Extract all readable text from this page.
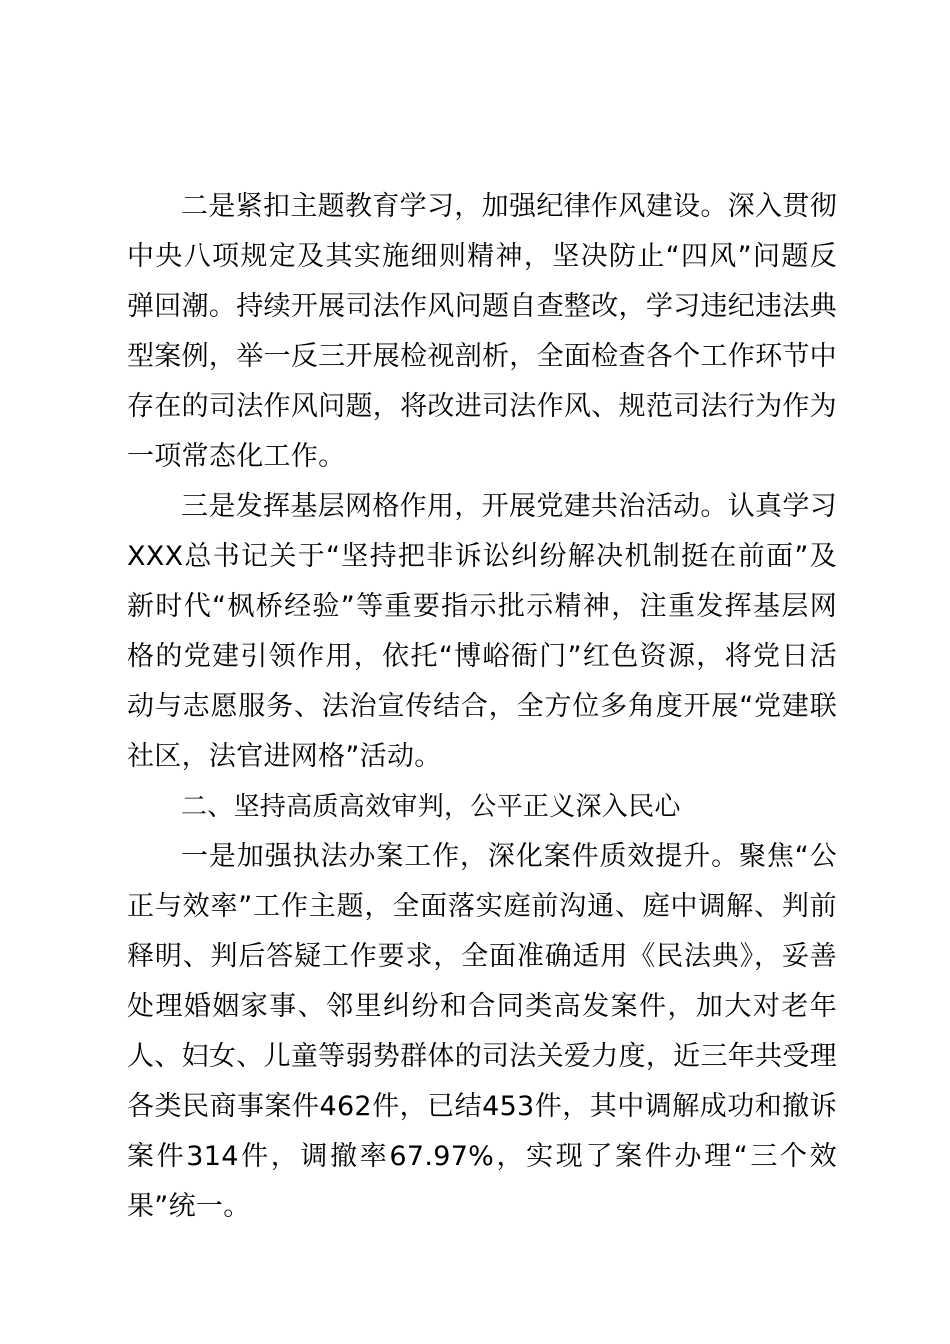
二是紧扣主题教育学习，加强纪律作风建设。深入贯彻中央八项规定及其实施细则精神，坚决防止“四风”问题反弹回潮。持续开展司法作风问题自查整改，学习违纪违法典型案例，举一反三开展检视剖析，全面检查各个工作环节中存在的司法作风问题，将改进司法作风、规范司法行为作为一项常态化工作。

三是发挥基层网格作用，开展党建共治活动。认真学习XXX总书记关于“坚持把非诉讼纠纷解决机制挺在前面”及新时代“枫桥经验”等重要指示批示精神，注重发挥基层网格的党建引领作用，依托“博峪衙门”红色资源，将党日活动与志愿服务、法治宣传结合，全方位多角度开展“党建联社区，法官进网格”活动。

二、坚持高质高效审判，公平正义深入民心

一是加强执法办案工作，深化案件质效提升。聚焦“公正与效率”工作主题，全面落实庭前沟通、庭中调解、判前释明、判后答疑工作要求，全面准确适用《民法典》，妥善处理婚姻家事、邻里纠纷和合同类高发案件，加大对老年人、妇女、儿童等弱势群体的司法关爱力度，近三年共受理各类民商事案件462件，已结453件，其中调解成功和撤诉案件314件，调撤率67.97%，实现了案件办理“三个效果”统一。
